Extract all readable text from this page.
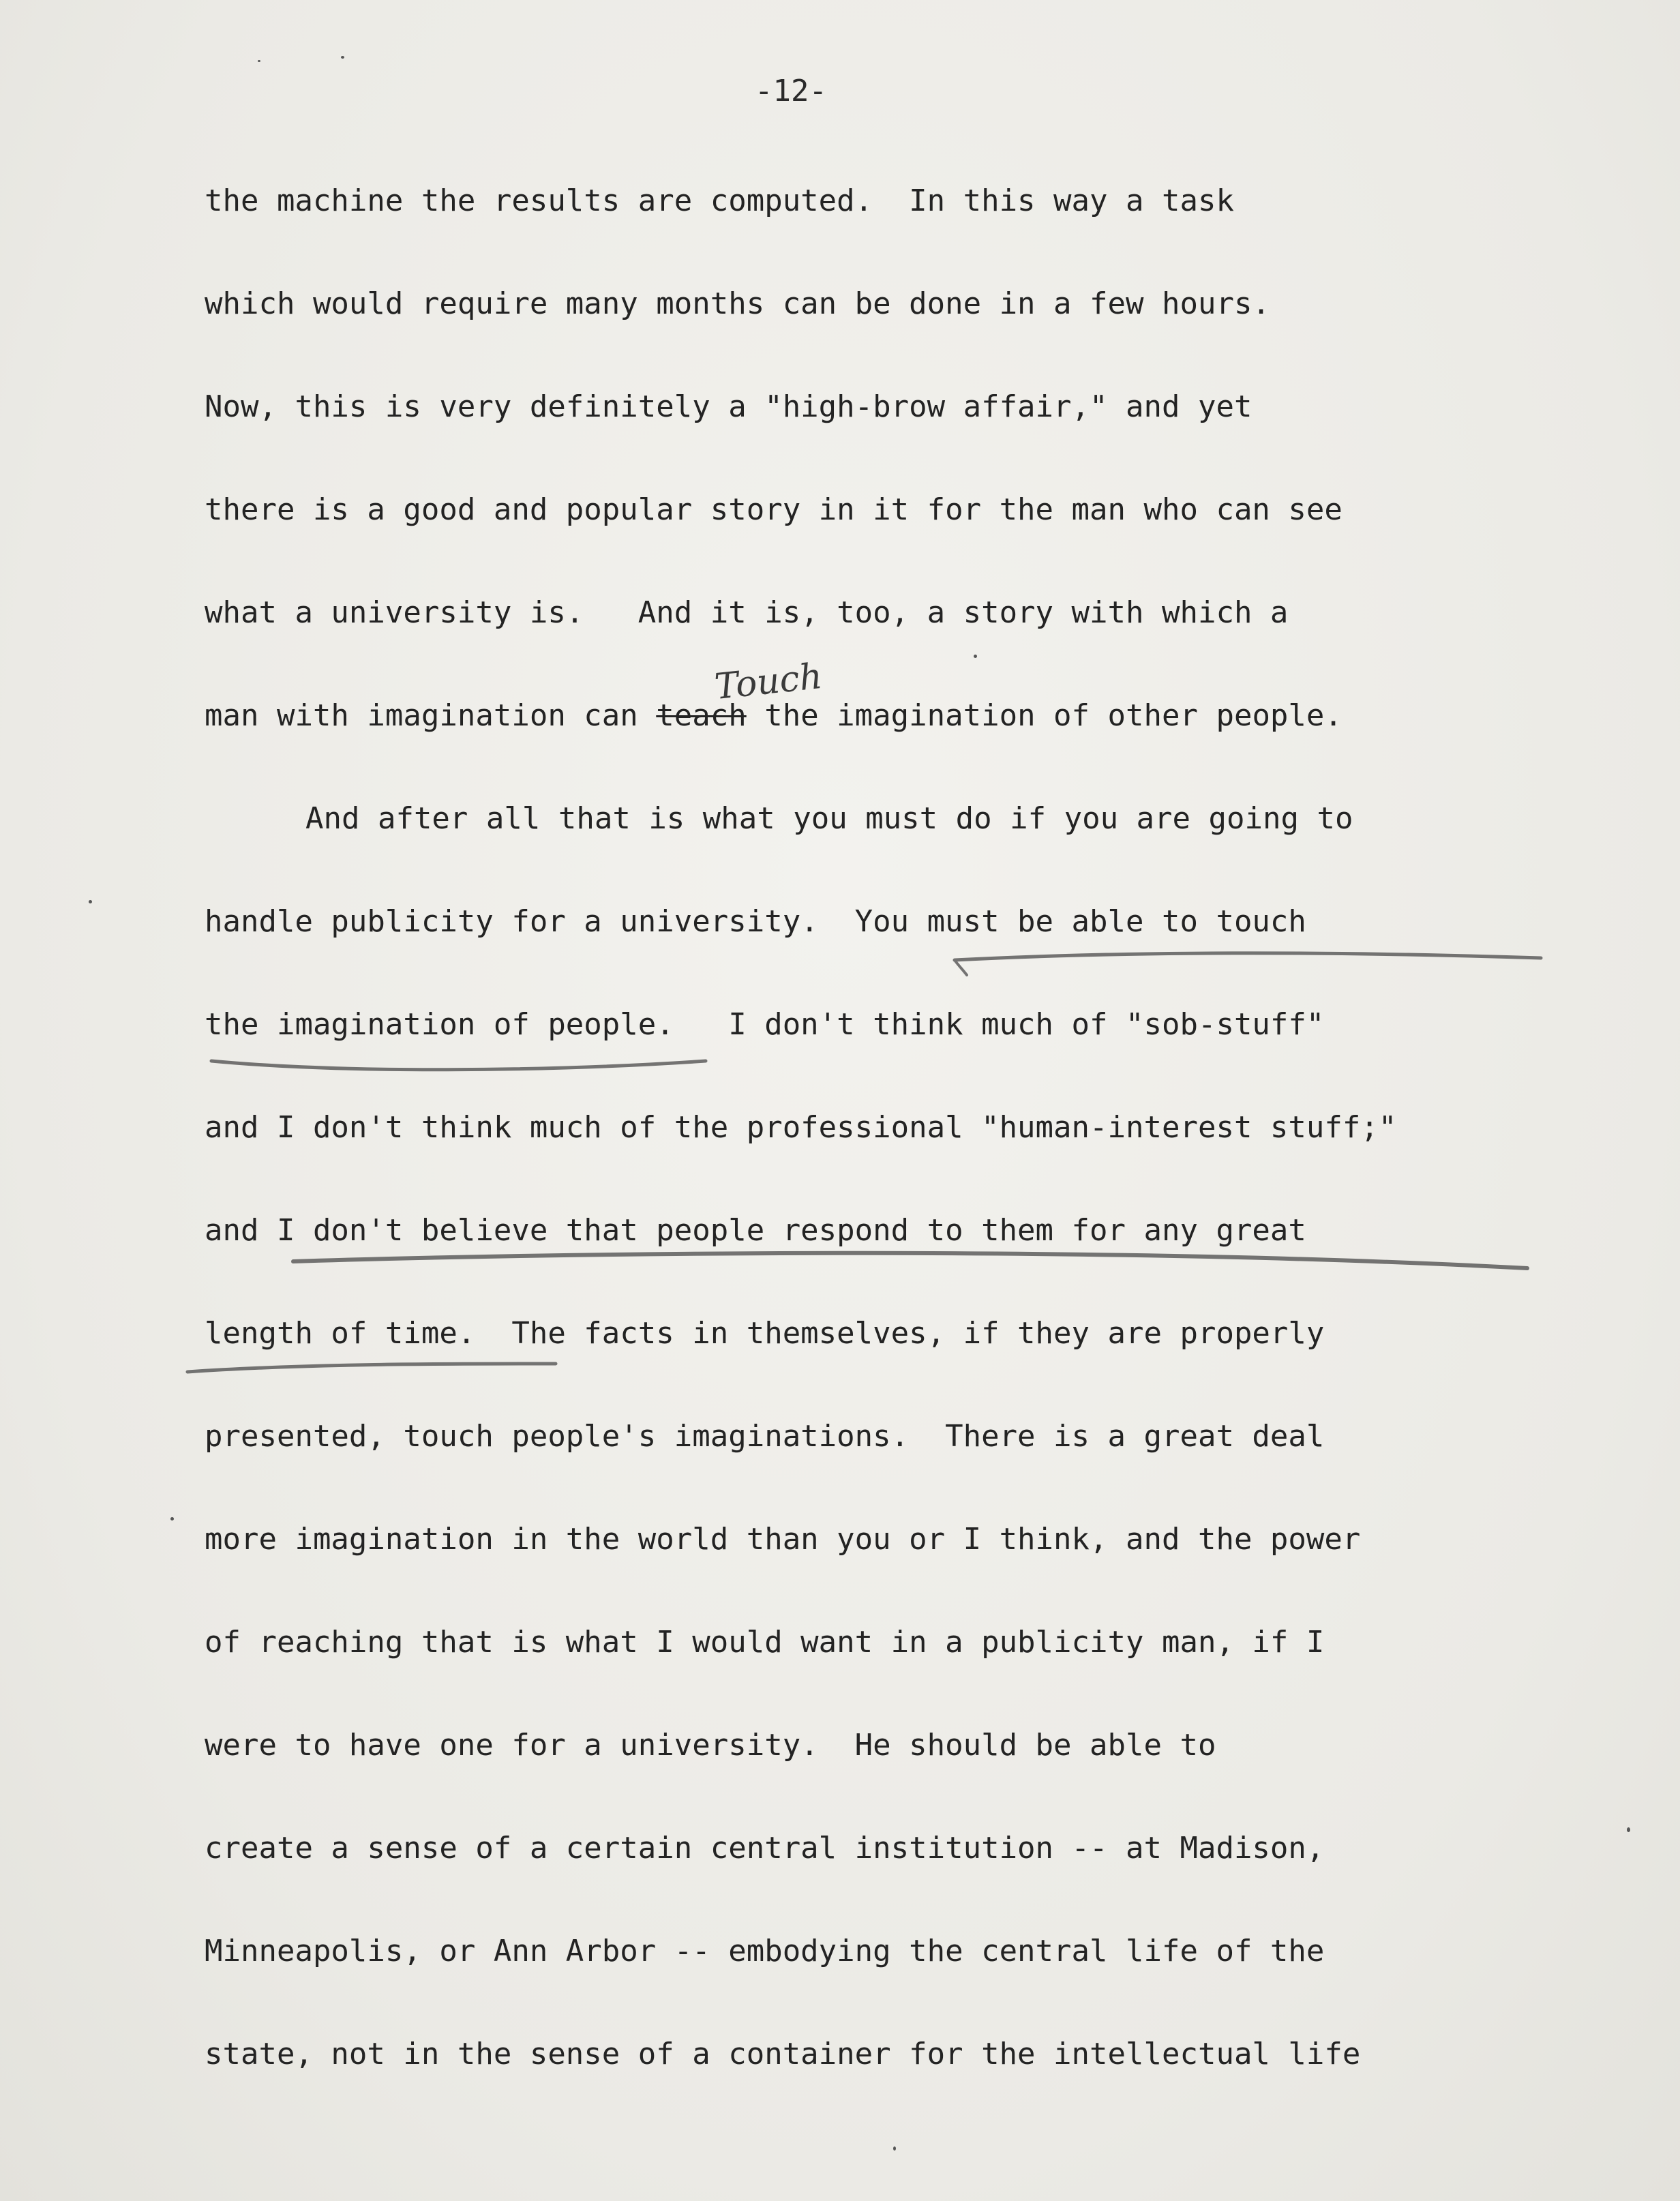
-12-
the machine the results are computed.  In this way a task
which would require many months can be done in a few hours.
Now, this is very definitely a "high-brow affair," and yet
there is a good and popular story in it for the man who can see
what a university is.   And it is, too, a story with which a
man with imagination can teach the imagination of other people.
Touch
And after all that is what you must do if you are going to
handle publicity for a university.  You must be able to touch
the imagination of people.   I don't think much of "sob-stuff"
and I don't think much of the professional "human-interest stuff;"
and I don't believe that people respond to them for any great
length of time.  The facts in themselves, if they are properly
presented, touch people's imaginations.  There is a great deal
more imagination in the world than you or I think, and the power
of reaching that is what I would want in a publicity man, if I
were to have one for a university.  He should be able to
create a sense of a certain central institution -- at Madison,
Minneapolis, or Ann Arbor -- embodying the central life of the
state, not in the sense of a container for the intellectual life
